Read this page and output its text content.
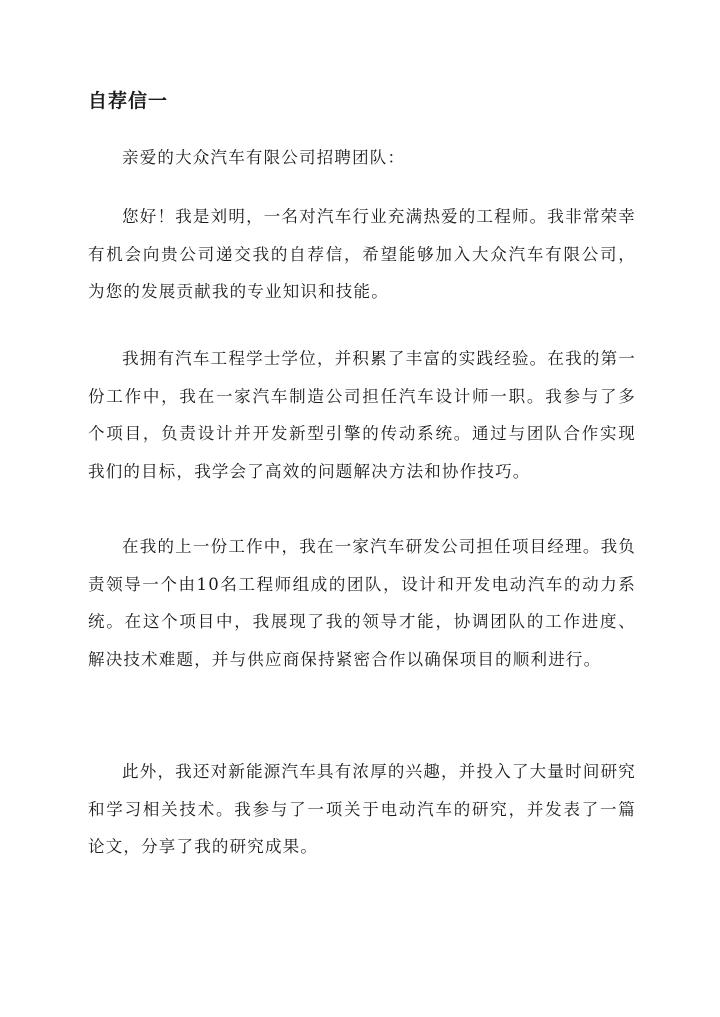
自荐信一

亲爱的大众汽车有限公司招聘团队：

您好！我是刘明，一名对汽车行业充满热爱的工程师。我非常荣幸有机会向贵公司递交我的自荐信，希望能够加入大众汽车有限公司，为您的发展贡献我的专业知识和技能。

我拥有汽车工程学士学位，并积累了丰富的实践经验。在我的第一份工作中，我在一家汽车制造公司担任汽车设计师一职。我参与了多个项目，负责设计并开发新型引擎的传动系统。通过与团队合作实现我们的目标，我学会了高效的问题解决方法和协作技巧。

在我的上一份工作中，我在一家汽车研发公司担任项目经理。我负责领导一个由10名工程师组成的团队，设计和开发电动汽车的动力系统。在这个项目中，我展现了我的领导才能，协调团队的工作进度、解决技术难题，并与供应商保持紧密合作以确保项目的顺利进行。

此外，我还对新能源汽车具有浓厚的兴趣，并投入了大量时间研究和学习相关技术。我参与了一项关于电动汽车的研究，并发表了一篇论文，分享了我的研究成果。
